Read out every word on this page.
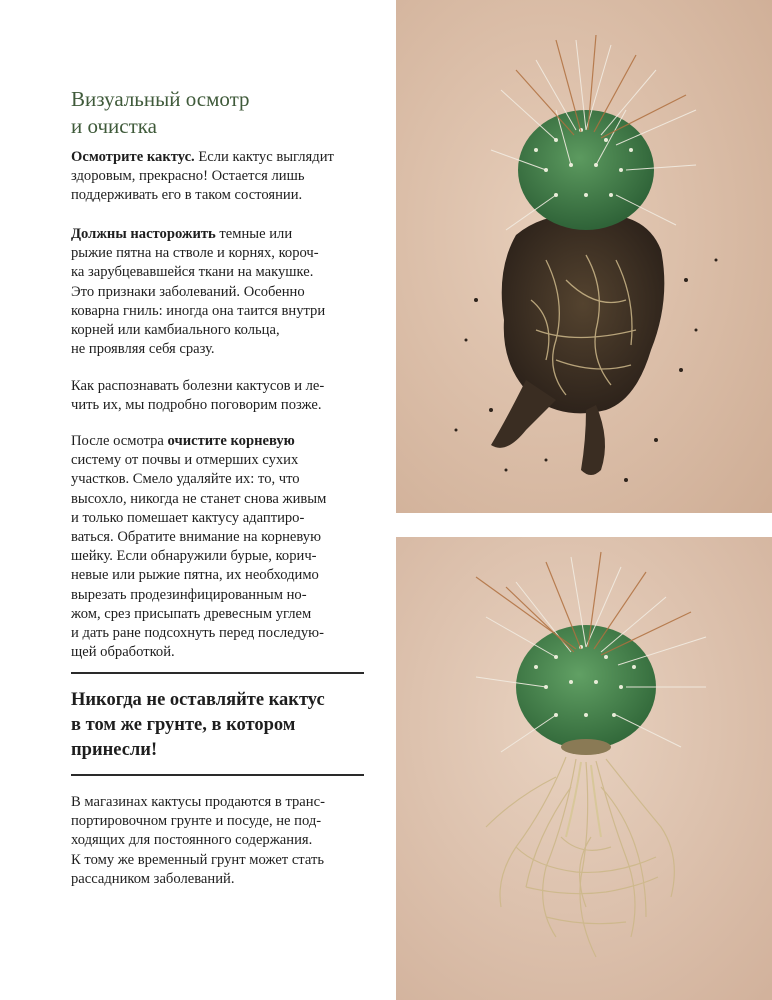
Визуальный осмотр
и очистка

Осмотрите кактус. Если кактус выглядит
здоровым, прекрасно! Остается лишь
поддерживать его в таком состоянии.

Должны насторожить темные или
рыжие пятна на стволе и корнях, короч-
ка зарубцевавшейся ткани на макушке.
Это признаки заболеваний. Особенно
коварна гниль: иногда она таится внутри
корней или камбиального кольца,
не проявляя себя сразу.

Как распознавать болезни кактусов и ле-
чить их, мы подробно поговорим позже.

После осмотра очистите корневую
систему от почвы и отмерших сухих
участков. Смело удаляйте их: то, что
высохло, никогда не станет снова живым
и только помешает кактусу адаптиро-
ваться. Обратите внимание на корневую
шейку. Если обнаружили бурые, корич-
невые или рыжие пятна, их необходимо
вырезать продезинфицированным но-
жом, срез присыпать древесным углем
и дать ране подсохнуть перед последую-
щей обработкой.

Никогда не оставляйте кактус
в том же грунте, в котором
принесли!

В магазинах кактусы продаются в транс-
портировочном грунте и посуде, не под-
ходящих для постоянного содержания.
К тому же временный грунт может стать
рассадником заболеваний.
